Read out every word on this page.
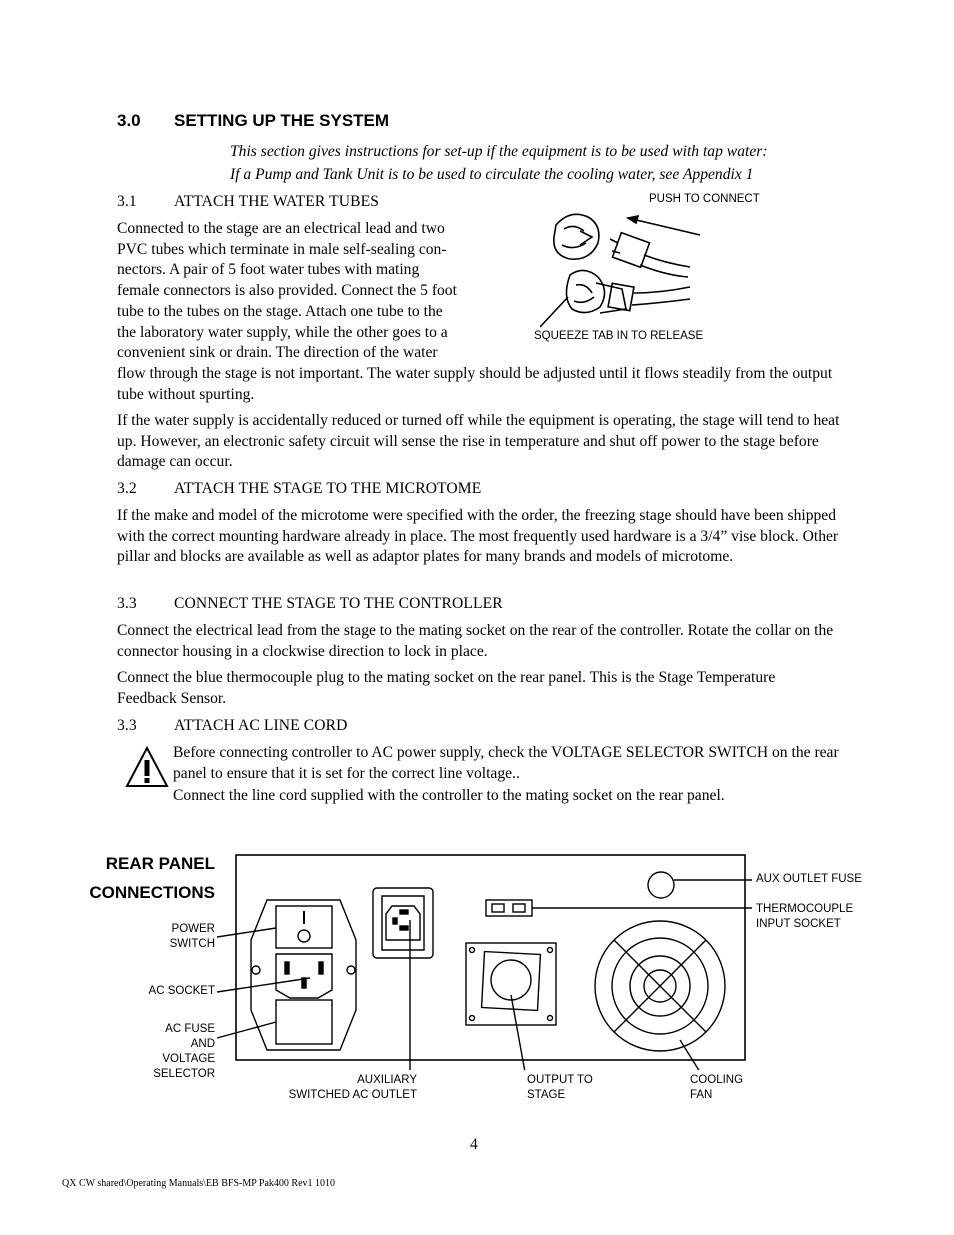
3.0 SETTING UP THE SYSTEM
This section gives instructions for set-up if the equipment is to be used with tap water:
If a Pump and Tank Unit is to be used to circulate the cooling water, see Appendix 1
3.1 ATTACH THE WATER TUBES
Connected to the stage are an electrical lead and two
PVC tubes which terminate in male self-sealing con-
nectors. A pair of 5 foot water tubes with mating
female connectors is also provided. Connect the 5 foot
tube to the tubes on the stage. Attach one tube to the
the laboratory water supply, while the other goes to a
convenient sink or drain. The direction of the water
flow through the stage is not important. The water supply should be adjusted until it flows steadily from the output tube without spurting.
If the water supply is accidentally reduced or turned off while the equipment is operating, the stage will tend to heat up. However, an electronic safety circuit will sense the rise in temperature and shut off power to the stage before damage can occur.
PUSH TO CONNECT
SQUEEZE TAB IN TO RELEASE
3.2 ATTACH THE STAGE TO THE MICROTOME
If the make and model of the microtome were specified with the order, the freezing stage should have been shipped with the correct mounting hardware already in place. The most frequently used hardware is a 3/4” vise block. Other pillar and blocks are available as well as adaptor plates for many brands and models of microtome.
3.3 CONNECT THE STAGE TO THE CONTROLLER
Connect the electrical lead from the stage to the mating socket on the rear of the controller. Rotate the collar on the connector housing in a clockwise direction to lock in place.
Connect the blue thermocouple plug to the mating socket on the rear panel. This is the Stage Temperature Feedback Sensor.
3.3 ATTACH AC LINE CORD
Before connecting controller to AC power supply, check the VOLTAGE SELECTOR SWITCH on the rear panel to ensure that it is set for the correct line voltage..
Connect the line cord supplied with the controller to the mating socket on the rear panel.
REAR PANEL
CONNECTIONS
POWER
SWITCH
AC SOCKET
AC FUSE
AND
VOLTAGE
SELECTOR	AUXILIARY
SWITCHED AC OUTLET
OUTPUT TO
STAGE
COOLING
FAN
AUX OUTLET FUSE
THERMOCOUPLE
INPUT SOCKET
4
QX CW shared\Operating Manuals\EB BFS-MP Pak400 Rev1 1010
